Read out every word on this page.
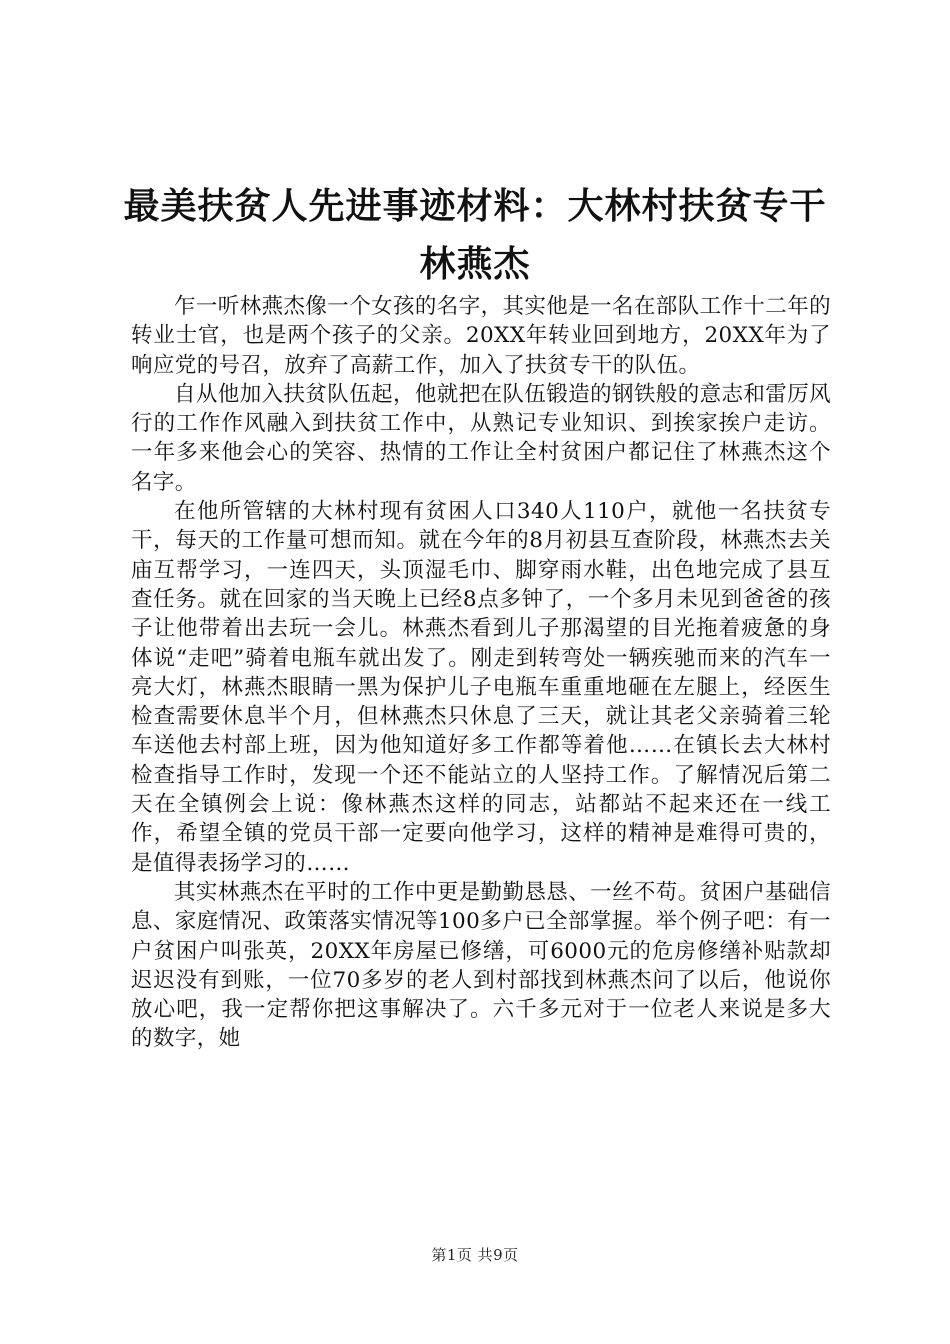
最美扶贫人先进事迹材料：大林村扶贫专干林燕杰

乍一听林燕杰像一个女孩的名字，其实他是一名在部队工作十二年的转业士官，也是两个孩子的父亲。20XX年转业回到地方，20XX年为了响应党的号召，放弃了高薪工作，加入了扶贫专干的队伍。

自从他加入扶贫队伍起，他就把在队伍锻造的钢铁般的意志和雷厉风行的工作作风融入到扶贫工作中，从熟记专业知识、到挨家挨户走访。一年多来他会心的笑容、热情的工作让全村贫困户都记住了林燕杰这个名字。

在他所管辖的大林村现有贫困人口340人110户，就他一名扶贫专干，每天的工作量可想而知。就在今年的8月初县互查阶段，林燕杰去关庙互帮学习，一连四天，头顶湿毛巾、脚穿雨水鞋，出色地完成了县互查任务。就在回家的当天晚上已经8点多钟了，一个多月未见到爸爸的孩子让他带着出去玩一会儿。林燕杰看到儿子那渴望的目光拖着疲惫的身体说“走吧”骑着电瓶车就出发了。刚走到转弯处一辆疾驰而来的汽车一亮大灯，林燕杰眼睛一黑为保护儿子电瓶车重重地砸在左腿上，经医生检查需要休息半个月，但林燕杰只休息了三天，就让其老父亲骑着三轮车送他去村部上班，因为他知道好多工作都等着他……在镇长去大林村检查指导工作时，发现一个还不能站立的人坚持工作。了解情况后第二天在全镇例会上说：像林燕杰这样的同志，站都站不起来还在一线工作，希望全镇的党员干部一定要向他学习，这样的精神是难得可贵的，是值得表扬学习的……

其实林燕杰在平时的工作中更是勤勤恳恳、一丝不苟。贫困户基础信息、家庭情况、政策落实情况等100多户已全部掌握。举个例子吧：有一户贫困户叫张英，20XX年房屋已修缮，可6000元的危房修缮补贴款却迟迟没有到账，一位70多岁的老人到村部找到林燕杰问了以后，他说你放心吧，我一定帮你把这事解决了。六千多元对于一位老人来说是多大的数字，她

第1页 共9页
